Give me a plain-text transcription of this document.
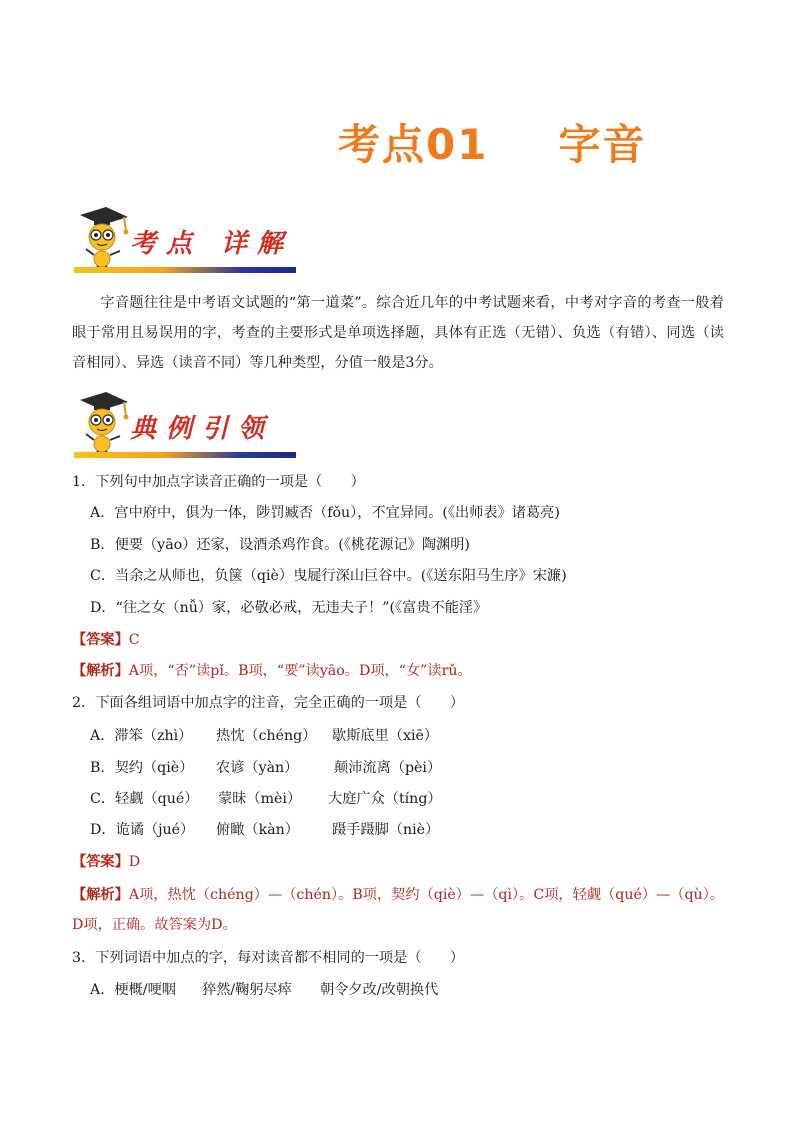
考点01 字音
考点 详解
字音题往往是中考语文试题的“第一道菜”。综合近几年的中考试题来看，中考对字音的考查一般着眼于常用且易误用的字，考查的主要形式是单项选择题，具体有正选（无错）、负选（有错）、同选（读音相同）、异选（读音不同）等几种类型，分值一般是3分。
典例引领
1．下列句中加点字读音正确的一项是（　　）
A．宫中府中，俱为一体，陟罚臧否（fǒu），不宜异同。(《出师表》诸葛亮)
B．便要（yāo）还家，设酒杀鸡作食。(《桃花源记》陶渊明)
C．当余之从师也，负箧（qiè）曳屣行深山巨谷中。(《送东阳马生序》宋濂)
D．“往之女（nǚ）家，必敬必戒，无违夫子！”(《富贵不能淫》
【答案】C
【解析】A项，“否”读pǐ。B项，“要”读yāo。D项，“女”读rǔ。
2．下面各组词语中加点字的注音，完全正确的一项是（　　）
A．滞笨（zhì） 热忱（chéng） 歇斯底里（xiē）
B．契约（qiè） 农谚（yàn）	颠沛流离（pèi）
C．轻觑（qué） 蒙昧（mèi） 大庭广众（tíng）
D．诡谲（jué） 俯瞰（kàn） 蹑手蹑脚（niè）
【答案】D
【解析】A项，热忱（chéng）—（chén）。B项，契约（qiè）—（qì）。C项，轻觑（qué）—（qù）。D项，正确。故答案为D。
3．下列词语中加点的字，每对读音都不相同的一项是（　　）
A．梗概/哽咽 猝然/鞠躬尽瘁 朝令夕改/改朝换代
